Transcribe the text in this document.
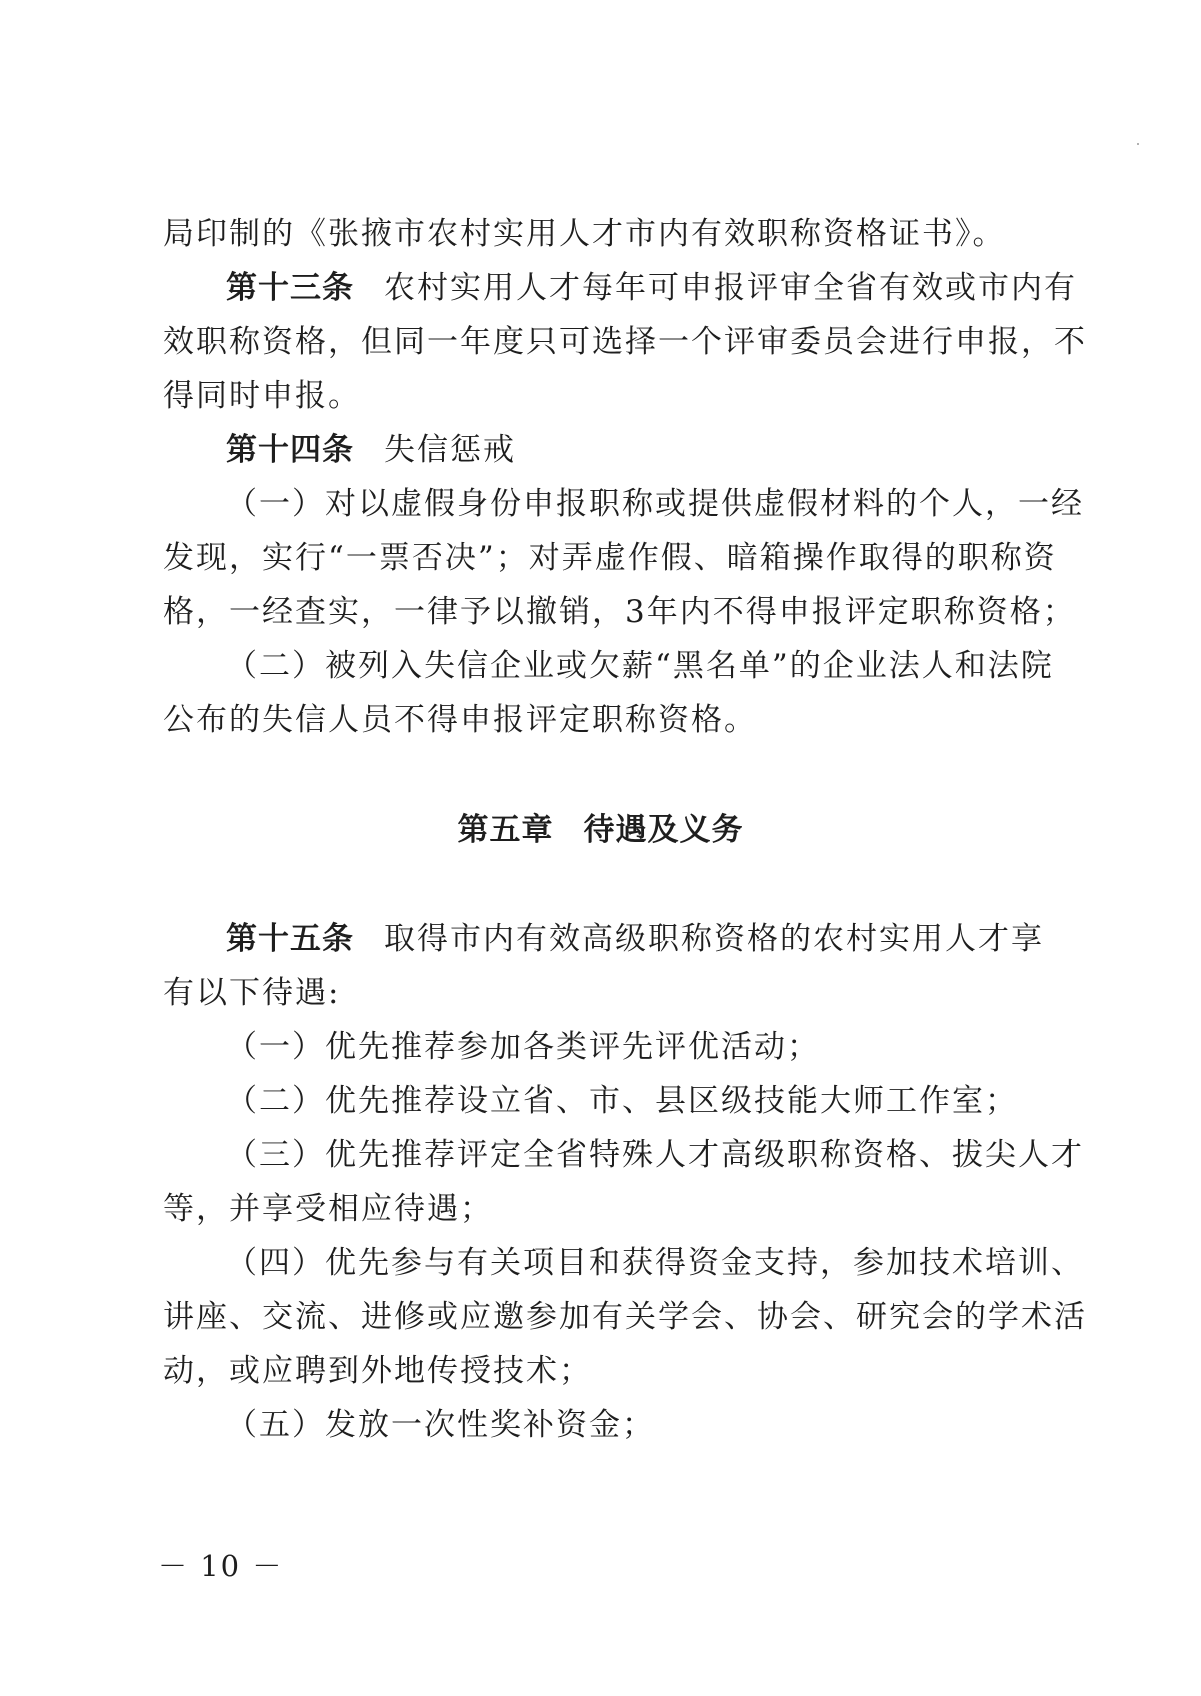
局印制的《张掖市农村实用人才市内有效职称资格证书》。
第十三条 农村实用人才每年可申报评审全省有效或市内有
效职称资格，但同一年度只可选择一个评审委员会进行申报，不
得同时申报。
第十四条 失信惩戒
（一）对以虚假身份申报职称或提供虚假材料的个人，一经
发现，实行“一票否决”；对弄虚作假、暗箱操作取得的职称资
格，一经查实，一律予以撤销，3年内不得申报评定职称资格；
（二）被列入失信企业或欠薪“黑名单”的企业法人和法院
公布的失信人员不得申报评定职称资格。
第五章 待遇及义务
第十五条 取得市内有效高级职称资格的农村实用人才享
有以下待遇:
（一）优先推荐参加各类评先评优活动；
（二）优先推荐设立省、市、县区级技能大师工作室；
（三）优先推荐评定全省特殊人才高级职称资格、拔尖人才
等，并享受相应待遇；
（四）优先参与有关项目和获得资金支持，参加技术培训、
讲座、交流、进修或应邀参加有关学会、协会、研究会的学术活
动，或应聘到外地传授技术；
（五）发放一次性奖补资金；
－ 10 －
